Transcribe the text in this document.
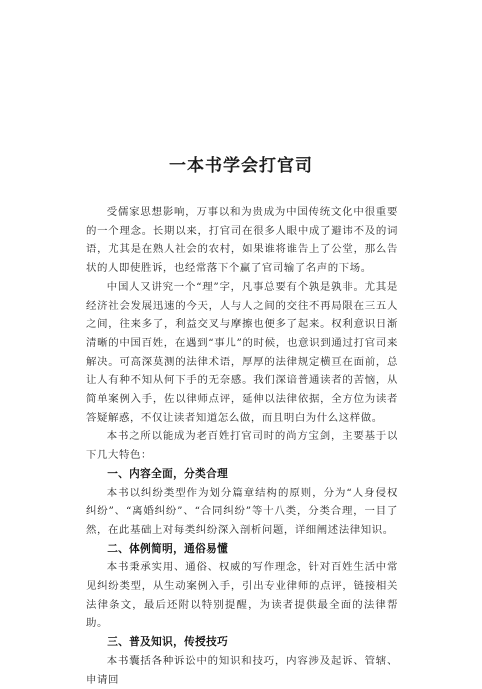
一本书学会打官司

受儒家思想影响，万事以和为贵成为中国传统文化中很重要的一个理念。长期以来，打官司在很多人眼中成了避讳不及的词语，尤其是在熟人社会的农村，如果谁将谁告上了公堂，那么告状的人即使胜诉，也经常落下个赢了官司输了名声的下场。

中国人又讲究一个“理”字，凡事总要有个孰是孰非。尤其是经济社会发展迅速的今天，人与人之间的交往不再局限在三五人之间，往来多了，利益交叉与摩擦也便多了起来。权利意识日渐清晰的中国百姓，在遇到“事儿”的时候，也意识到通过打官司来解决。可高深莫测的法律术语，厚厚的法律规定横亘在面前，总让人有种不知从何下手的无奈感。我们深谙普通读者的苦恼，从简单案例入手，佐以律师点评，延伸以法律依据，全方位为读者答疑解惑，不仅让读者知道怎么做，而且明白为什么这样做。

本书之所以能成为老百姓打官司时的尚方宝剑，主要基于以下几大特色：

一、内容全面，分类合理

本书以纠纷类型作为划分篇章结构的原则，分为“人身侵权纠纷”、“离婚纠纷”、“合同纠纷”等十八类，分类合理，一目了然，在此基础上对每类纠纷深入剖析问题，详细阐述法律知识。

二、体例简明，通俗易懂

本书秉承实用、通俗、权威的写作理念，针对百姓生活中常见纠纷类型，从生动案例入手，引出专业律师的点评，链接相关法律条文，最后还附以特别提醒，为读者提供最全面的法律帮助。

三、普及知识，传授技巧

本书囊括各种诉讼中的知识和技巧，内容涉及起诉、管辖、申请回
